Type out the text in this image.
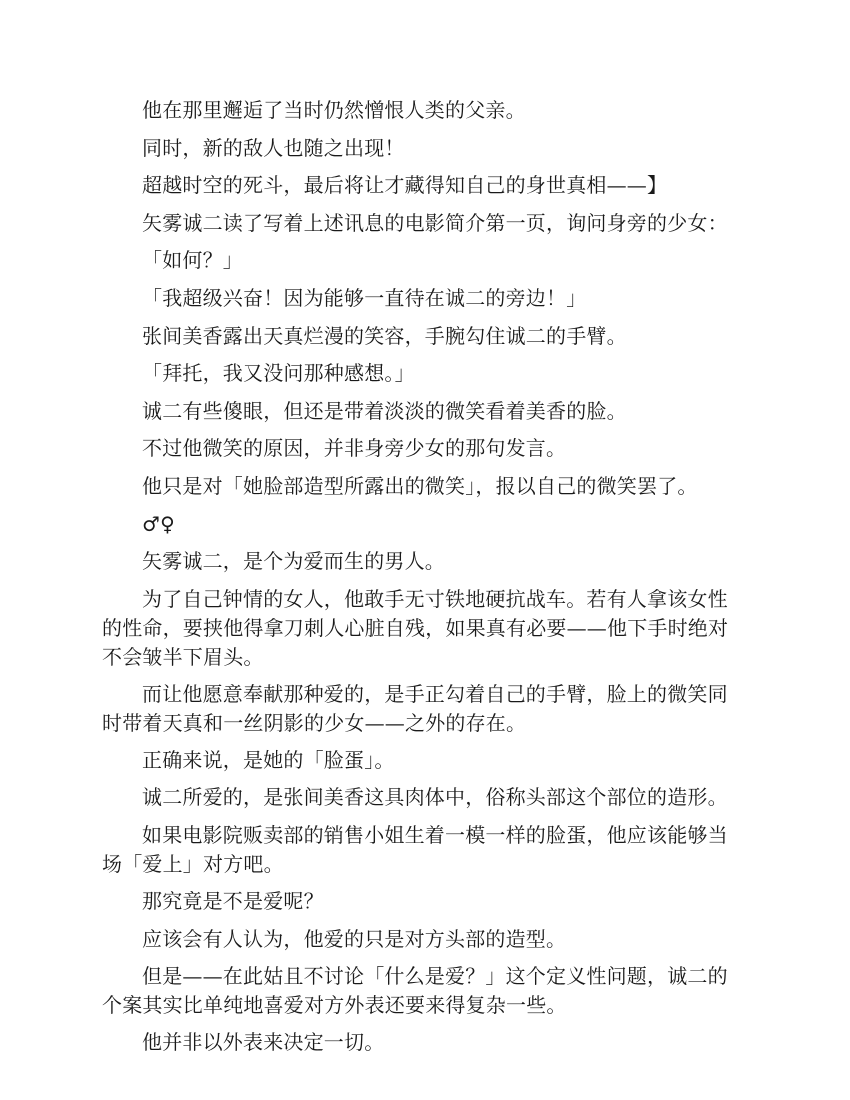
他在那里邂逅了当时仍然憎恨人类的父亲。

同时，新的敌人也随之出现！

超越时空的死斗，最后将让才藏得知自己的身世真相——】

矢雾诚二读了写着上述讯息的电影简介第一页，询问身旁的少女：

「如何？」

「我超级兴奋！因为能够一直待在诚二的旁边！」

张间美香露出天真烂漫的笑容，手腕勾住诚二的手臂。

「拜托，我又没问那种感想。」

诚二有些傻眼，但还是带着淡淡的微笑看着美香的脸。

不过他微笑的原因，并非身旁少女的那句发言。

他只是对「她脸部造型所露出的微笑」，报以自己的微笑罢了。

♂♀

矢雾诚二，是个为爱而生的男人。

为了自己钟情的女人，他敢手无寸铁地硬抗战车。若有人拿该女性的性命，要挟他得拿刀刺人心脏自残，如果真有必要——他下手时绝对不会皱半下眉头。

而让他愿意奉献那种爱的，是手正勾着自己的手臂，脸上的微笑同时带着天真和一丝阴影的少女——之外的存在。

正确来说，是她的「脸蛋」。

诚二所爱的，是张间美香这具肉体中，俗称头部这个部位的造形。

如果电影院贩卖部的销售小姐生着一模一样的脸蛋，他应该能够当场「爱上」对方吧。

那究竟是不是爱呢？

应该会有人认为，他爱的只是对方头部的造型。

但是——在此姑且不讨论「什么是爱？」这个定义性问题，诚二的个案其实比单纯地喜爱对方外表还要来得复杂一些。

他并非以外表来决定一切。
